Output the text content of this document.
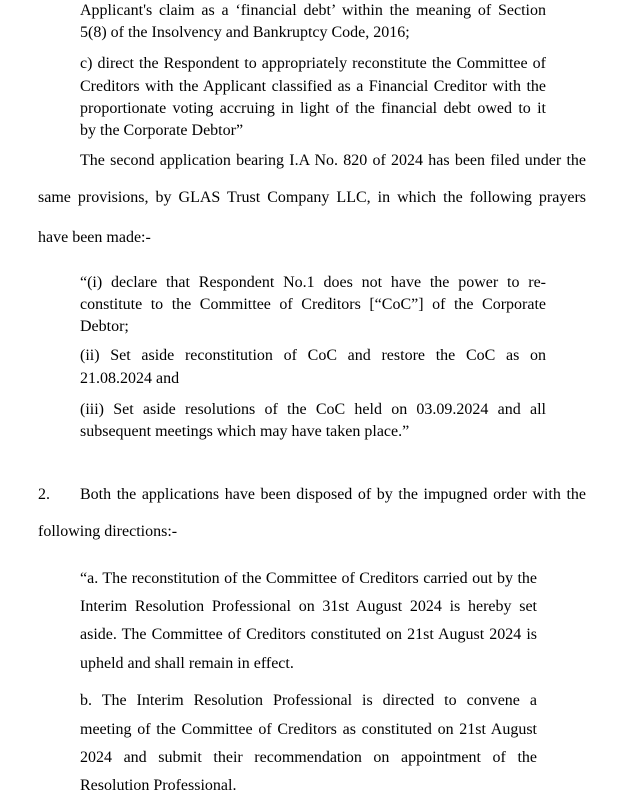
Applicant's claim as a ‘financial debt’ within the meaning of Section
5(8) of the Insolvency and Bankruptcy Code, 2016;
c) direct the Respondent to appropriately reconstitute the Committee of
Creditors with the Applicant classified as a Financial Creditor with the
proportionate voting accruing in light of the financial debt owed to it
by the Corporate Debtor”
The second application bearing I.A No. 820 of 2024 has been filed under the
same provisions, by GLAS Trust Company LLC, in which the following prayers
have been made:-
“(i) declare that Respondent No.1 does not have the power to re-
constitute to the Committee of Creditors [“CoC”] of the Corporate
Debtor;
(ii) Set aside reconstitution of CoC and restore the CoC as on
21.08.2024 and
(iii) Set aside resolutions of the CoC held on 03.09.2024 and all
subsequent meetings which may have taken place.”
2. Both the applications have been disposed of by the impugned order with the
following directions:-
“a. The reconstitution of the Committee of Creditors carried out by the
Interim Resolution Professional on 31st August 2024 is hereby set
aside. The Committee of Creditors constituted on 21st August 2024 is
upheld and shall remain in effect.
b. The Interim Resolution Professional is directed to convene a
meeting of the Committee of Creditors as constituted on 21st August
2024 and submit their recommendation on appointment of the
Resolution Professional.
